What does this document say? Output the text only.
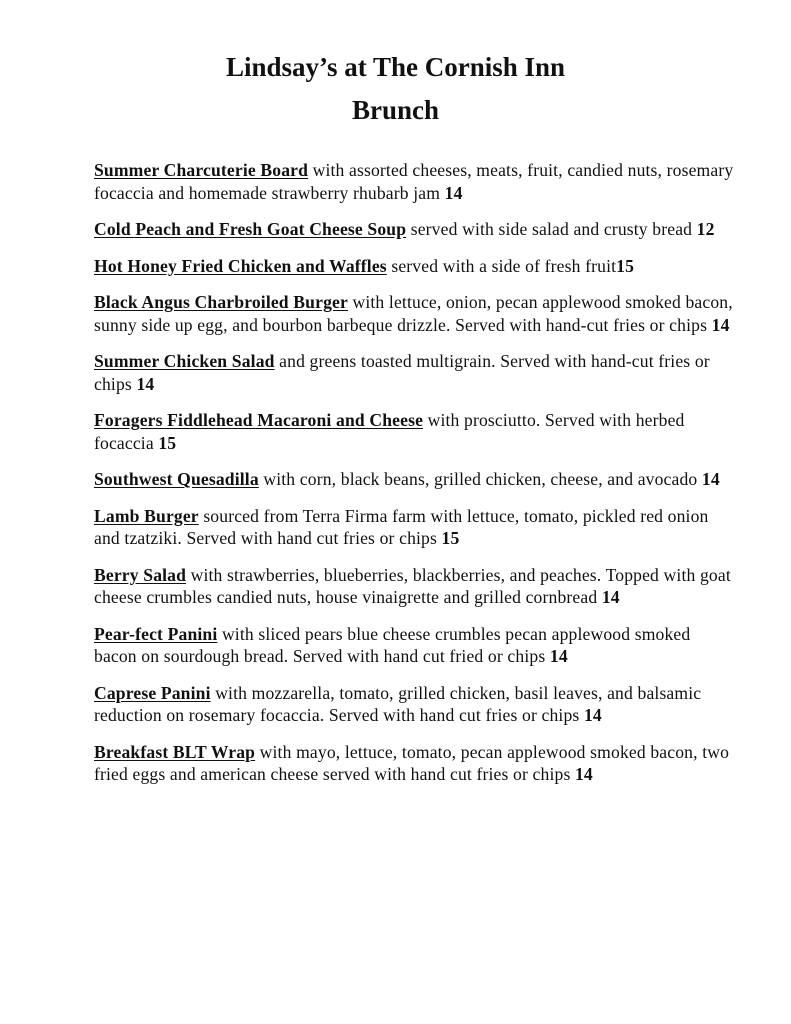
Lindsay’s at The Cornish Inn
Brunch
Summer Charcuterie Board with assorted cheeses, meats, fruit, candied nuts, rosemary focaccia and homemade strawberry rhubarb jam 14
Cold Peach and Fresh Goat Cheese Soup served with side salad and crusty bread 12
Hot Honey Fried Chicken and Waffles served with a side of fresh fruit15
Black Angus Charbroiled Burger with lettuce, onion, pecan applewood smoked bacon, sunny side up egg, and bourbon barbeque drizzle. Served with hand-cut fries or chips 14
Summer Chicken Salad and greens toasted multigrain. Served with hand-cut fries or chips 14
Foragers Fiddlehead Macaroni and Cheese with prosciutto. Served with herbed focaccia 15
Southwest Quesadilla with corn, black beans, grilled chicken, cheese, and avocado 14
Lamb Burger sourced from Terra Firma farm with lettuce, tomato, pickled red onion and tzatziki. Served with hand cut fries or chips 15
Berry Salad with strawberries, blueberries, blackberries, and peaches. Topped with goat cheese crumbles candied nuts, house vinaigrette and grilled cornbread 14
Pear-fect Panini with sliced pears blue cheese crumbles pecan applewood smoked bacon on sourdough bread. Served with hand cut fried or chips 14
Caprese Panini with mozzarella, tomato, grilled chicken, basil leaves, and balsamic reduction on rosemary focaccia. Served with hand cut fries or chips 14
Breakfast BLT Wrap with mayo, lettuce, tomato, pecan applewood smoked bacon, two fried eggs and american cheese served with hand cut fries or chips 14
